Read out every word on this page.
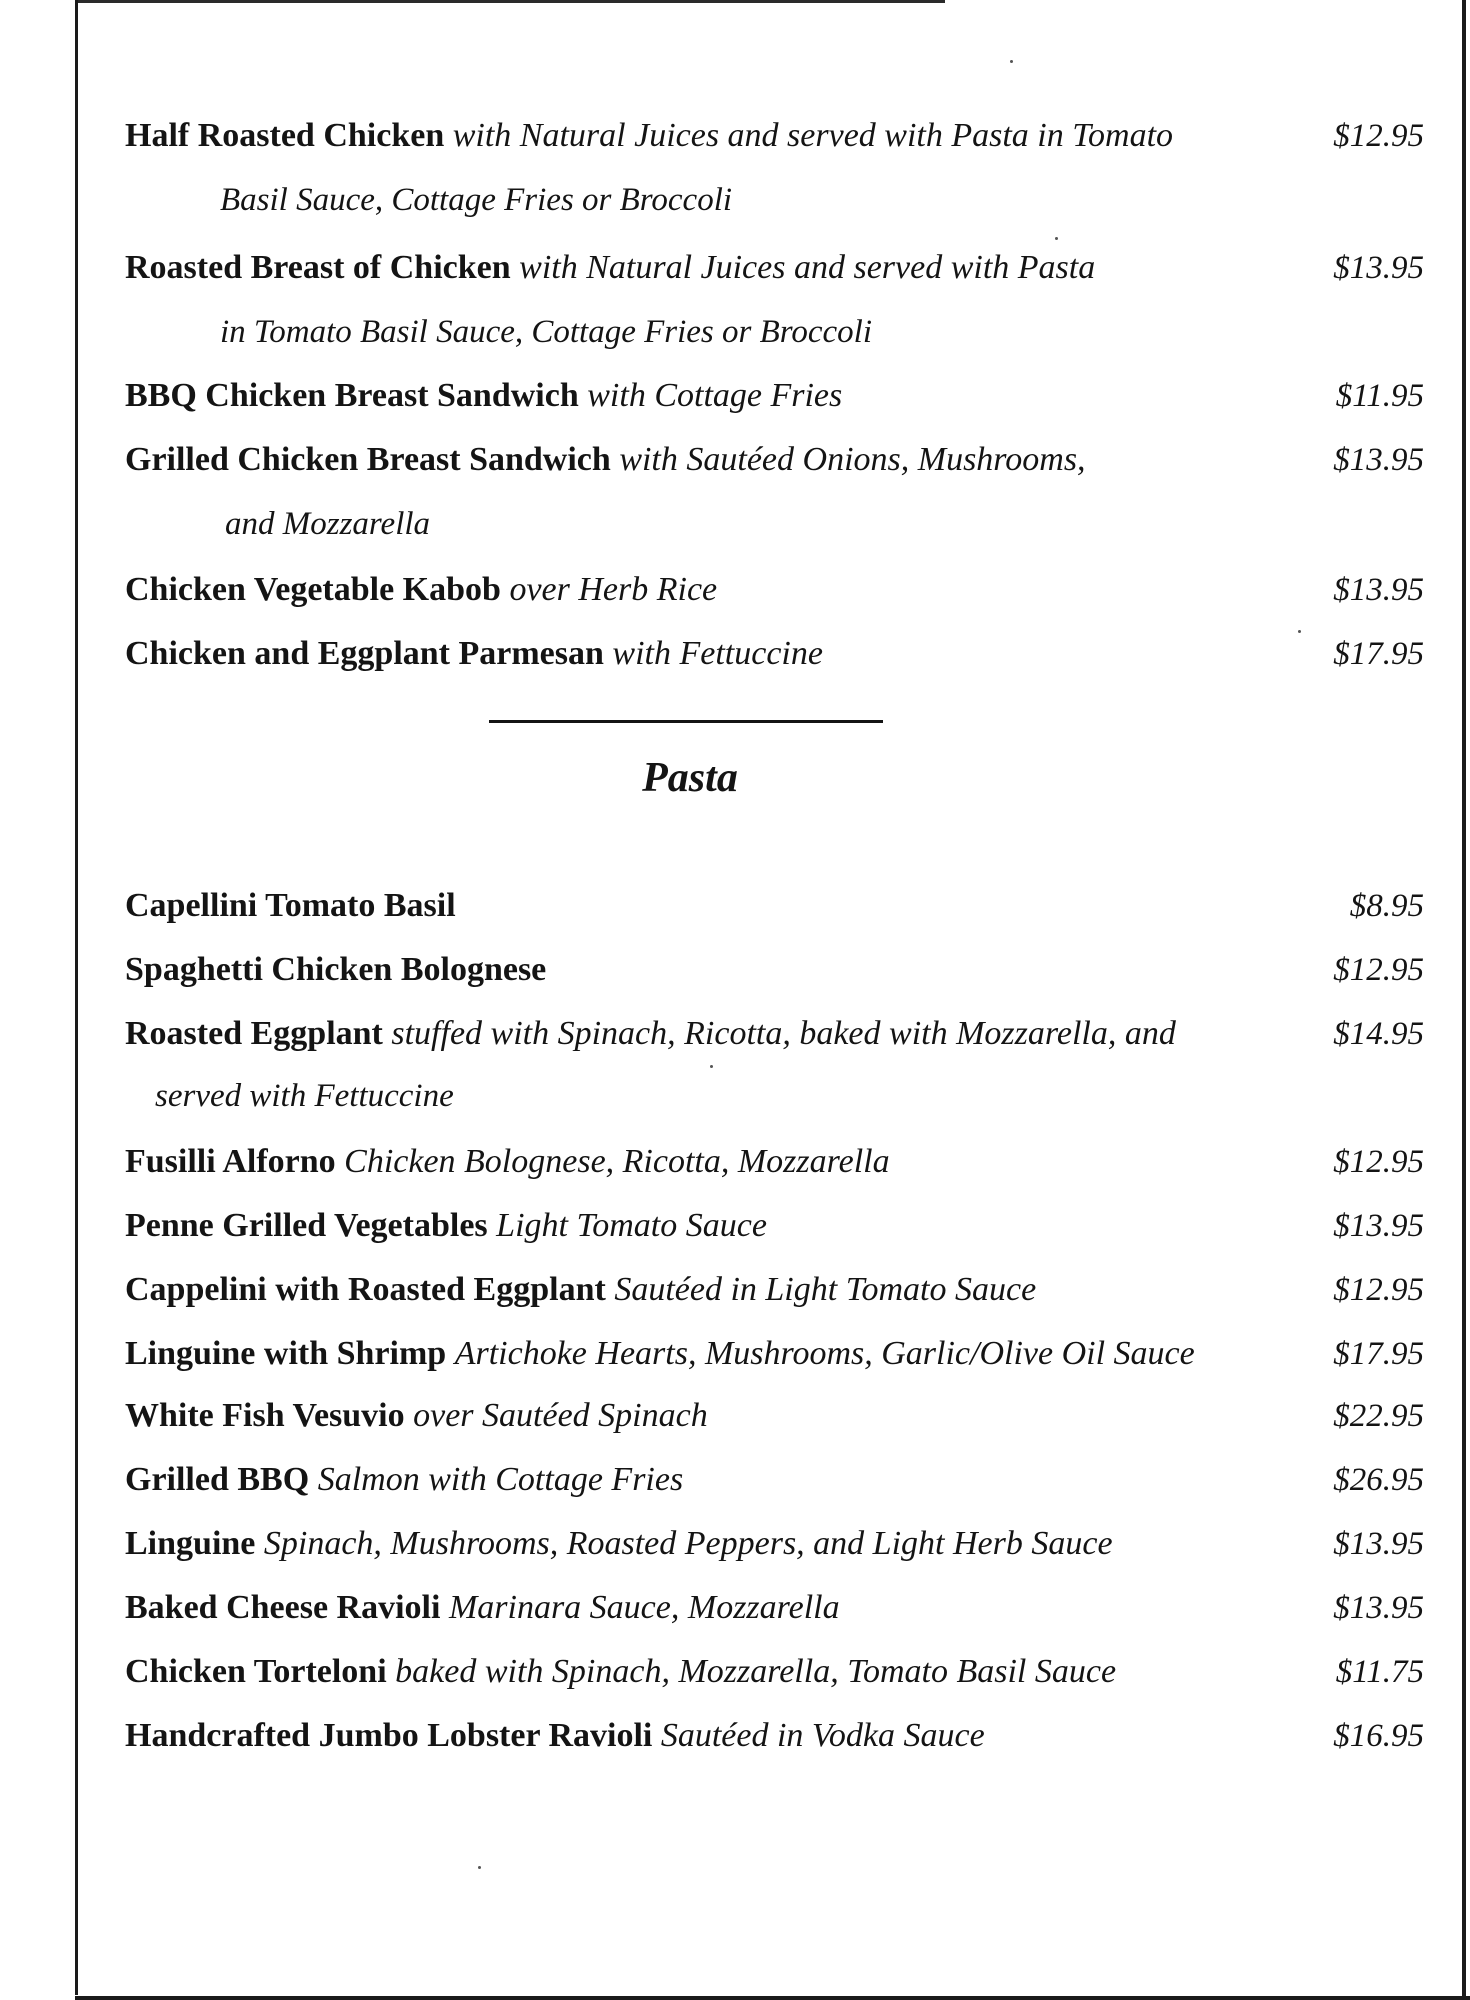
Half Roasted Chicken with Natural Juices and served with Pasta in Tomato	$12.95
Basil Sauce, Cottage Fries or Broccoli
Roasted Breast of Chicken with Natural Juices and served with Pasta	$13.95
in Tomato Basil Sauce, Cottage Fries or Broccoli
BBQ Chicken Breast Sandwich with Cottage Fries	$11.95
Grilled Chicken Breast Sandwich with Sautéed Onions, Mushrooms,	$13.95
and Mozzarella
Chicken Vegetable Kabob over Herb Rice	$13.95
Chicken and Eggplant Parmesan with Fettuccine	$17.95
Pasta
Capellini Tomato Basil	$8.95
Spaghetti Chicken Bolognese	$12.95
Roasted Eggplant stuffed with Spinach, Ricotta, baked with Mozzarella, and	$14.95
served with Fettuccine
Fusilli Alforno Chicken Bolognese, Ricotta, Mozzarella	$12.95
Penne Grilled Vegetables Light Tomato Sauce	$13.95
Cappelini with Roasted Eggplant Sautéed in Light Tomato Sauce	$12.95
Linguine with Shrimp Artichoke Hearts, Mushrooms, Garlic/Olive Oil Sauce	$17.95
White Fish Vesuvio over Sautéed Spinach	$22.95
Grilled BBQ Salmon with Cottage Fries	$26.95
Linguine Spinach, Mushrooms, Roasted Peppers, and Light Herb Sauce	$13.95
Baked Cheese Ravioli Marinara Sauce, Mozzarella	$13.95
Chicken Torteloni baked with Spinach, Mozzarella, Tomato Basil Sauce	$11.75
Handcrafted Jumbo Lobster Ravioli Sautéed in Vodka Sauce	$16.95
